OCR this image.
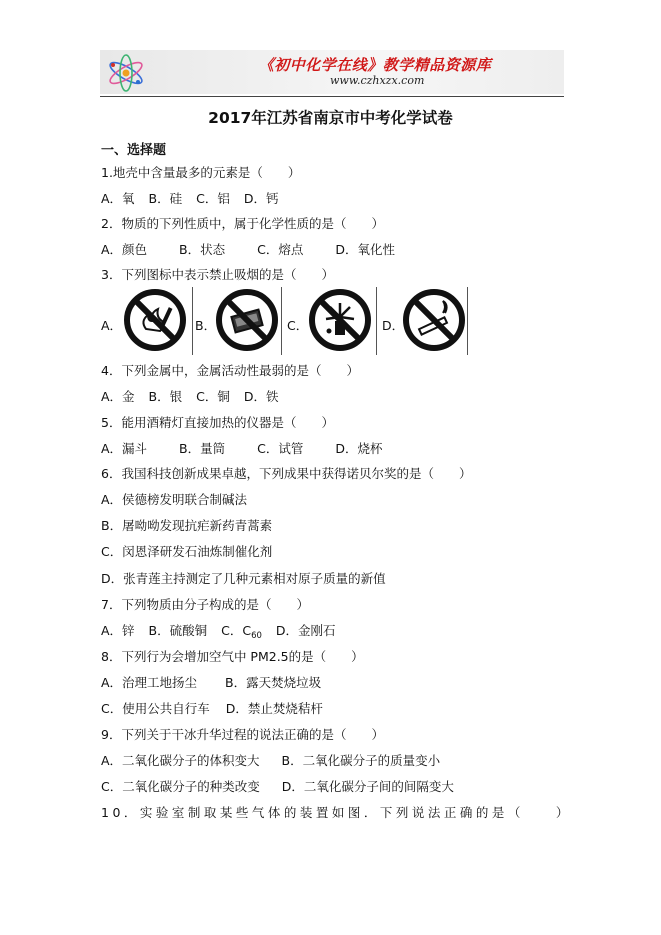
《初中化学在线》教学精品资源库
www.czhxzx.com
2017年江苏省南京市中考化学试卷
一、选择题
1.地壳中含量最多的元素是（　　）
A．氧 B．硅 C．铝 D．钙
2．物质的下列性质中，属于化学性质的是（　　）
A．颜色	B．状态	C．熔点	D．氧化性
3．下列图标中表示禁止吸烟的是（　　）
A．	B．	C．	D．
4．下列金属中，金属活动性最弱的是（　　）
A．金 B．银 C．铜 D．铁
5．能用酒精灯直接加热的仪器是（　　）
A．漏斗	B．量筒	C．试管	D．烧杯
6．我国科技创新成果卓越，下列成果中获得诺贝尔奖的是（　　）
A．侯德榜发明联合制碱法
B．屠呦呦发现抗疟新药青蒿素
C．闵恩泽研发石油炼制催化剂
D．张青莲主持测定了几种元素相对原子质量的新值
7．下列物质由分子构成的是（　　）
A．锌 B．硫酸铜 C．C60 D．金刚石
8．下列行为会增加空气中 PM2.5的是（　　）
A．治理工地扬尘 B．露天焚烧垃圾
C．使用公共自行车 D．禁止焚烧秸杆
9．下列关于干冰升华过程的说法正确的是（　　）
A．二氧化碳分子的体积变大 B．二氧化碳分子的质量变小
C．二氧化碳分子的种类改变 D．二氧化碳分子间的间隔变大
10．实验室制取某些气体的装置如图．下列说法正确的是（　　）
